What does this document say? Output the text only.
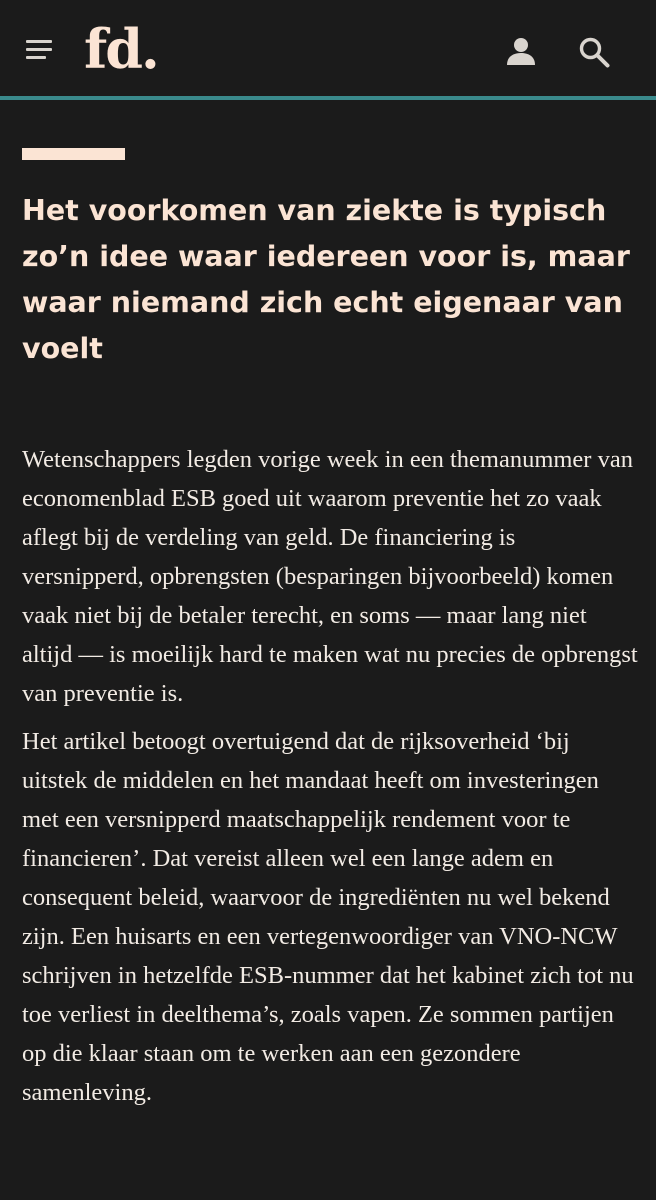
fd.
Het voorkomen van ziekte is typisch zo’n idee waar iedereen voor is, maar waar niemand zich echt eigenaar van voelt

Wetenschappers legden vorige week in een themanummer van economenblad ESB goed uit waarom preventie het zo vaak aflegt bij de verdeling van geld. De financiering is versnipperd, opbrengsten (besparingen bijvoorbeeld) komen vaak niet bij de betaler terecht, en soms — maar lang niet altijd — is moeilijk hard te maken wat nu precies de opbrengst van preventie is.

Het artikel betoogt overtuigend dat de rijksoverheid ‘bij uitstek de middelen en het mandaat heeft om investeringen met een versnipperd maatschappelijk rendement voor te financieren’. Dat vereist alleen wel een lange adem en consequent beleid, waarvoor de ingrediënten nu wel bekend zijn. Een huisarts en een vertegenwoordiger van VNO-NCW schrijven in hetzelfde ESB-nummer dat het kabinet zich tot nu toe verliest in deelthema’s, zoals vapen. Ze sommen partijen op die klaar staan om te werken aan een gezondere samenleving.
